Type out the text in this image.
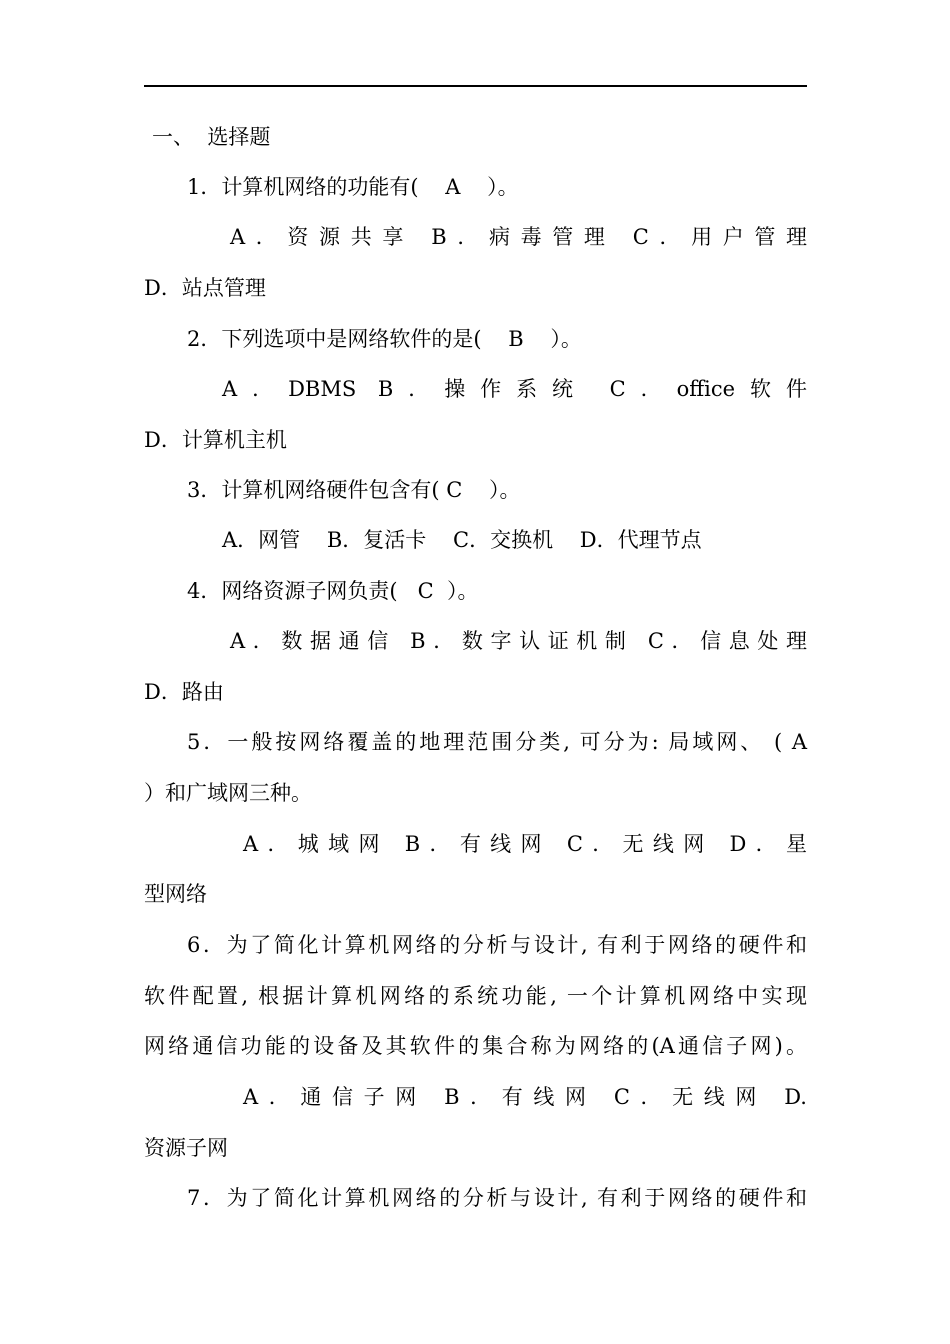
一、  选择题
1．计算机网络的功能有(    A    ）。
A．资源共享 B．病毒管理 C．用户管理
D．站点管理
2．下列选项中是网络软件的是(    B    ）。
A．DBMS B．操作系统 C．office软件
D．计算机主机
3．计算机网络硬件包含有( C    ）。
A．网管    B．复活卡    C．交换机    D．代理节点
4．网络资源子网负责(   C  ）。
A．数据通信 B．数字认证机制 C．信息处理
D．路由
5．一般按网络覆盖的地理范围分类, 可分为: 局域网、 ( A
）和广域网三种。
A．城域网 B．有线网 C．无线网 D．星
型网络
6．为了简化计算机网络的分析与设计, 有利于网络的硬件和
软件配置, 根据计算机网络的系统功能, 一个计算机网络中实现
网络通信功能的设备及其软件的集合称为网络的(A通信子网)。
A．通信子网 B．有线网 C．无线网 D.
资源子网
7．为了简化计算机网络的分析与设计, 有利于网络的硬件和
